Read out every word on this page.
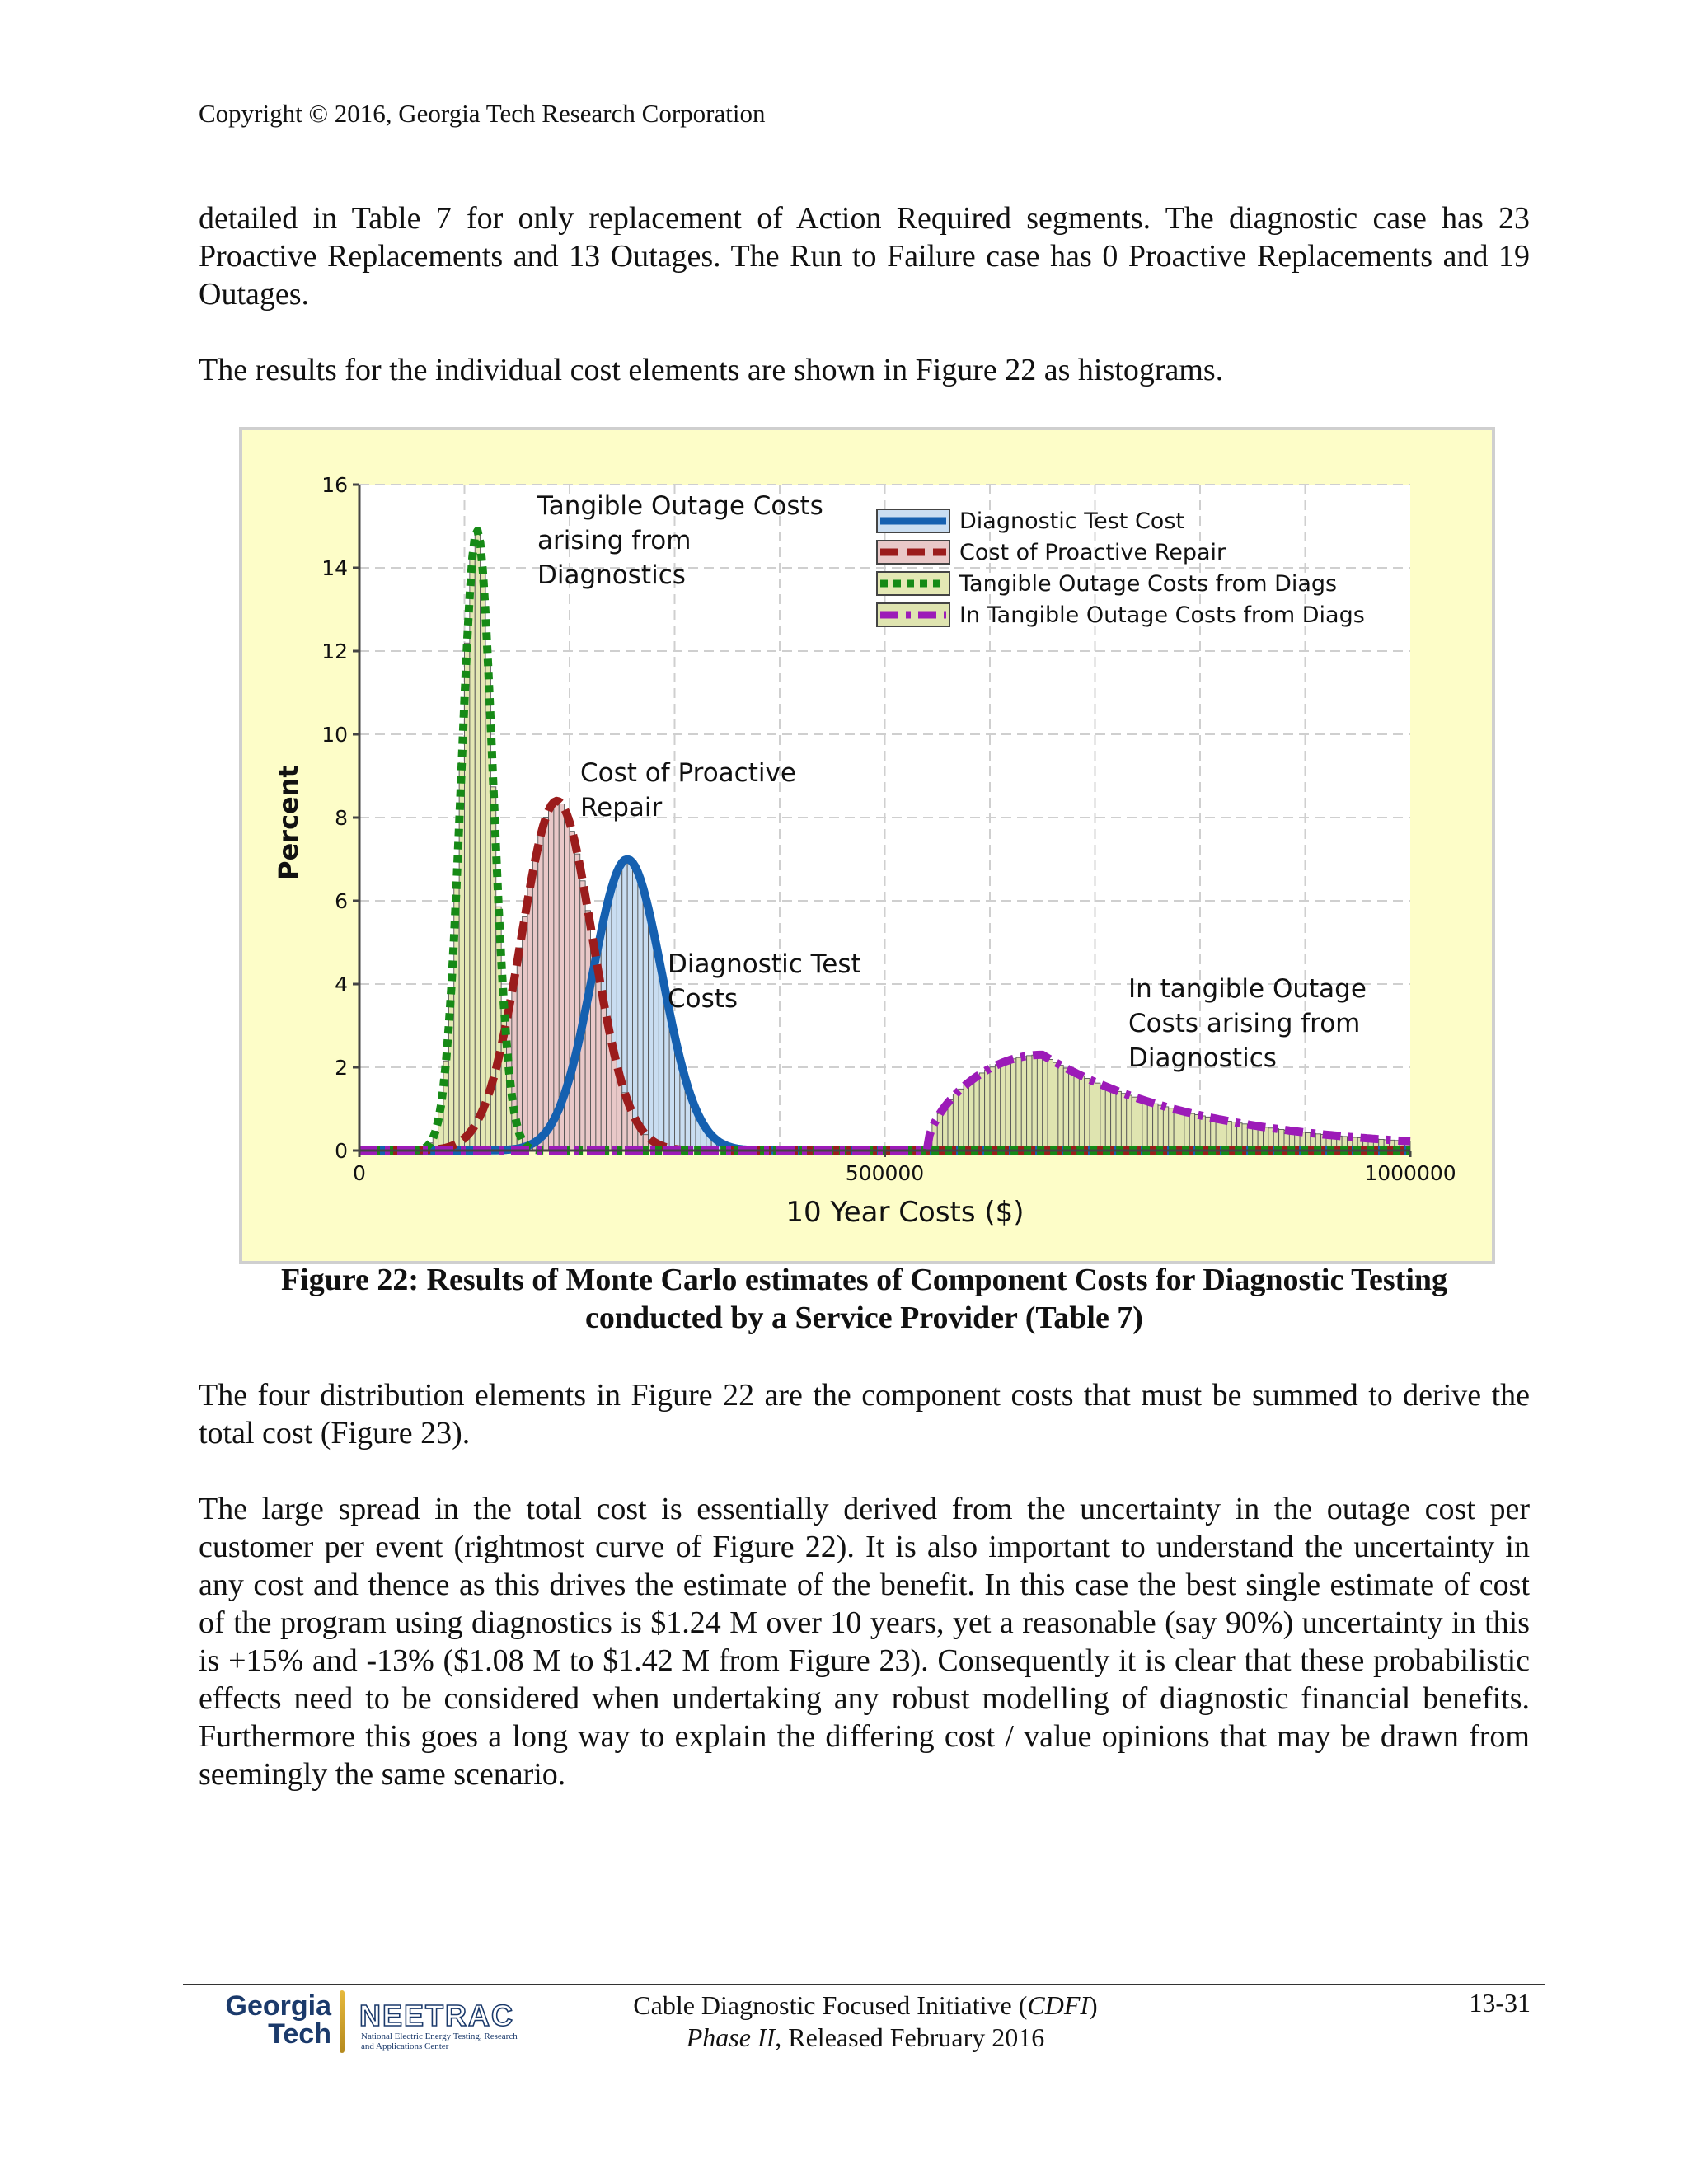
Copyright © 2016, Georgia Tech Research Corporation

detailed in Table 7 for only replacement of Action Required segments. The diagnostic case has 23 Proactive Replacements and 13 Outages. The Run to Failure case has 0 Proactive Replacements and 19 Outages.

The results for the individual cost elements are shown in Figure 22 as histograms.

0
2
4
6
8
10
12
14
16
0	500000	1000000
Diagnostic Test Cost
Cost of Proactive Repair
Tangible Outage Costs from Diags
In Tangible Outage Costs from Diags
Tangible Outage Costs
arising from
Diagnostics
Cost of Proactive
Repair
Diagnostic Test
Costs	In tangible Outage
Costs arising from
Diagnostics
10 Year Costs ($)
Percent
Figure 22: Results of Monte Carlo estimates of Component Costs for Diagnostic Testing
conducted by a Service Provider (Table 7)

The four distribution elements in Figure 22 are the component costs that must be summed to derive the total cost (Figure 23).

The large spread in the total cost is essentially derived from the uncertainty in the outage cost per customer per event (rightmost curve of Figure 22). It is also important to understand the uncertainty in any cost and thence as this drives the estimate of the benefit. In this case the best single estimate of cost of the program using diagnostics is $1.24 M over 10 years, yet a reasonable (say 90%) uncertainty in this is +15% and -13% ($1.08 M to $1.42 M from Figure 23). Consequently it is clear that these probabilistic effects need to be considered when undertaking any robust modelling of diagnostic financial benefits. Furthermore this goes a long way to explain the differing cost / value opinions that may be drawn from seemingly the same scenario.

Georgia
Tech
NEETRAC
National Electric Energy Testing, Research
and Applications Center
Cable Diagnostic Focused Initiative (CDFI)
Phase II, Released February 2016
13-31
